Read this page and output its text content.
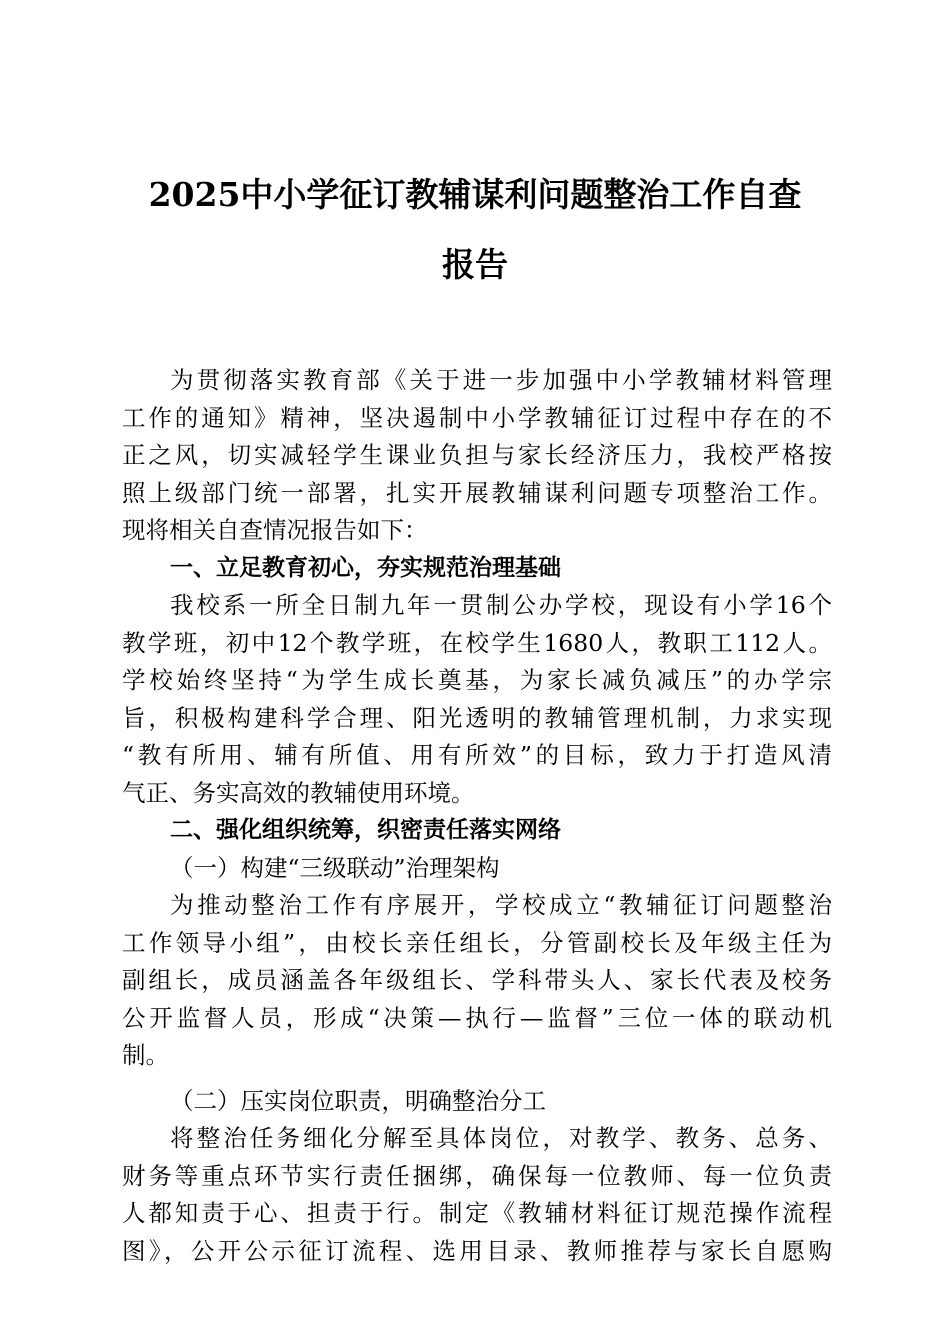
2025中小学征订教辅谋利问题整治工作自查
报告
为贯彻落实教育部《关于进一步加强中小学教辅材料管理
工作的通知》精神，坚决遏制中小学教辅征订过程中存在的不
正之风，切实减轻学生课业负担与家长经济压力，我校严格按
照上级部门统一部署，扎实开展教辅谋利问题专项整治工作。
现将相关自查情况报告如下：
一、立足教育初心，夯实规范治理基础
我校系一所全日制九年一贯制公办学校，现设有小学16个
教学班，初中12个教学班，在校学生1680人，教职工112人。
学校始终坚持“为学生成长奠基，为家长减负减压”的办学宗
旨，积极构建科学合理、阳光透明的教辅管理机制，力求实现
“教有所用、辅有所值、用有所效”的目标，致力于打造风清
气正、务实高效的教辅使用环境。
二、强化组织统筹，织密责任落实网络
（一）构建“三级联动”治理架构
为推动整治工作有序展开，学校成立“教辅征订问题整治
工作领导小组”，由校长亲任组长，分管副校长及年级主任为
副组长，成员涵盖各年级组长、学科带头人、家长代表及校务
公开监督人员，形成“决策—执行—监督”三位一体的联动机
制。
（二）压实岗位职责，明确整治分工
将整治任务细化分解至具体岗位，对教学、教务、总务、
财务等重点环节实行责任捆绑，确保每一位教师、每一位负责
人都知责于心、担责于行。制定《教辅材料征订规范操作流程
图》，公开公示征订流程、选用目录、教师推荐与家长自愿购
